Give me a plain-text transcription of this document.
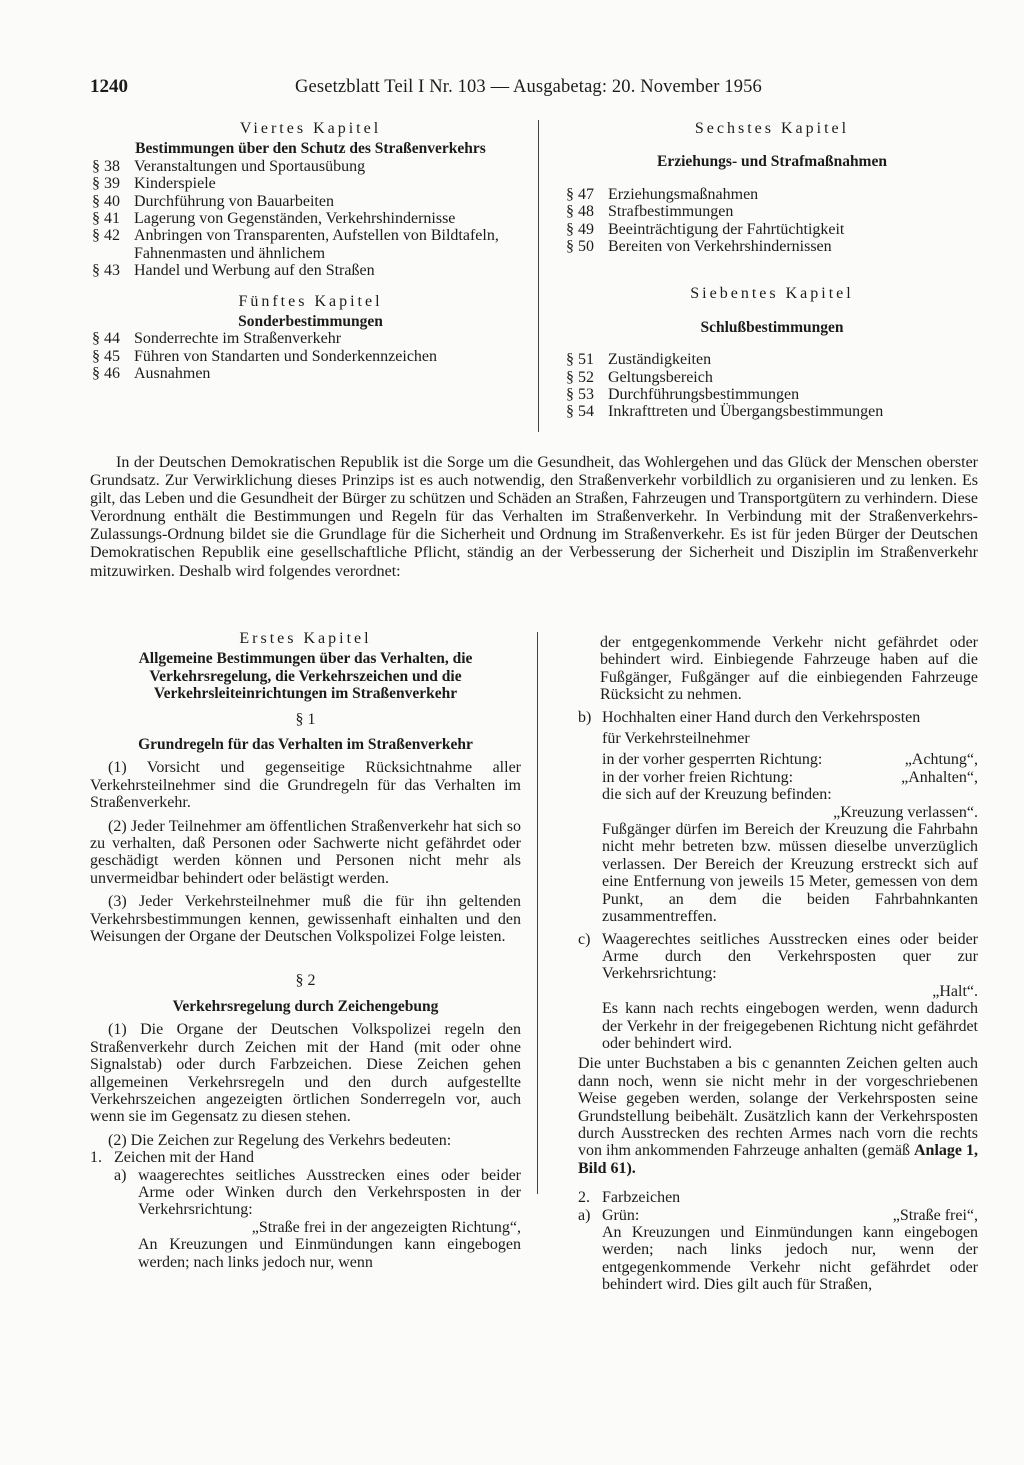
1240	Gesetzblatt Teil I Nr. 103 — Ausgabetag: 20. November 1956
Viertes Kapitel
Bestimmungen über den Schutz des Straßenverkehrs
§ 38 Veranstaltungen und Sportausübung
§ 39 Kinderspiele
§ 40 Durchführung von Bauarbeiten
§ 41 Lagerung von Gegenständen, Verkehrshindernisse
§ 42 Anbringen von Transparenten, Aufstellen von Bildtafeln, Fahnenmasten und ähnlichem
§ 43 Handel und Werbung auf den Straßen
Fünftes Kapitel
Sonderbestimmungen
§ 44 Sonderrechte im Straßenverkehr
§ 45 Führen von Standarten und Sonderkennzeichen
§ 46 Ausnahmen
Sechstes Kapitel
Erziehungs- und Strafmaßnahmen
§ 47 Erziehungsmaßnahmen
§ 48 Strafbestimmungen
§ 49 Beeinträchtigung der Fahrtüchtigkeit
§ 50 Bereiten von Verkehrshindernissen
Siebentes Kapitel
Schlußbestimmungen
§ 51 Zuständigkeiten
§ 52 Geltungsbereich
§ 53 Durchführungsbestimmungen
§ 54 Inkrafttreten und Übergangsbestimmungen
In der Deutschen Demokratischen Republik ist die Sorge um die Gesundheit, das Wohlergehen und das Glück der Menschen oberster Grundsatz. Zur Verwirklichung dieses Prinzips ist es auch notwendig, den Straßenverkehr vorbildlich zu organisieren und zu lenken. Es gilt, das Leben und die Gesundheit der Bürger zu schützen und Schäden an Straßen, Fahrzeugen und Transportgütern zu verhindern. Diese Verordnung enthält die Bestimmungen und Regeln für das Verhalten im Straßenverkehr. In Verbindung mit der Straßenverkehrs-Zulassungs-Ordnung bildet sie die Grundlage für die Sicherheit und Ordnung im Straßenverkehr. Es ist für jeden Bürger der Deutschen Demokratischen Republik eine gesellschaftliche Pflicht, ständig an der Verbesserung der Sicherheit und Disziplin im Straßenverkehr mitzuwirken. Deshalb wird folgendes verordnet:
Erstes Kapitel
Allgemeine Bestimmungen über das Verhalten, die Verkehrsregelung, die Verkehrszeichen und die Verkehrsleiteinrichtungen im Straßenverkehr
§ 1
Grundregeln für das Verhalten im Straßenverkehr
(1) Vorsicht und gegenseitige Rücksichtnahme aller Verkehrsteilnehmer sind die Grundregeln für das Verhalten im Straßenverkehr.
(2) Jeder Teilnehmer am öffentlichen Straßenverkehr hat sich so zu verhalten, daß Personen oder Sachwerte nicht gefährdet oder geschädigt werden können und Personen nicht mehr als unvermeidbar behindert oder belästigt werden.
(3) Jeder Verkehrsteilnehmer muß die für ihn geltenden Verkehrsbestimmungen kennen, gewissenhaft einhalten und den Weisungen der Organe der Deutschen Volkspolizei Folge leisten.
§ 2
Verkehrsregelung durch Zeichengebung
(1) Die Organe der Deutschen Volkspolizei regeln den Straßenverkehr durch Zeichen mit der Hand (mit oder ohne Signalstab) oder durch Farbzeichen. Diese Zeichen gehen allgemeinen Verkehrsregeln und den durch aufgestellte Verkehrszeichen angezeigten örtlichen Sonderregeln vor, auch wenn sie im Gegensatz zu diesen stehen.
(2) Die Zeichen zur Regelung des Verkehrs bedeuten:
1. Zeichen mit der Hand
a) waagerechtes seitliches Ausstrecken eines oder beider Arme oder Winken durch den Verkehrsposten in der Verkehrsrichtung:
„Straße frei in der angezeigten Richtung“,
An Kreuzungen und Einmündungen kann eingebogen werden; nach links jedoch nur, wenn
der entgegenkommende Verkehr nicht gefährdet oder behindert wird. Einbiegende Fahrzeuge haben auf die Fußgänger, Fußgänger auf die einbiegenden Fahrzeuge Rücksicht zu nehmen.
b) Hochhalten einer Hand durch den Verkehrsposten
für Verkehrsteilnehmer
in der vorher gesperrten Richtung:	„Achtung“,
in der vorher freien Richtung:	„Anhalten“,
die sich auf der Kreuzung befinden:
„Kreuzung verlassen“.
Fußgänger dürfen im Bereich der Kreuzung die Fahrbahn nicht mehr betreten bzw. müssen dieselbe unverzüglich verlassen. Der Bereich der Kreuzung erstreckt sich auf eine Entfernung von jeweils 15 Meter, gemessen von dem Punkt, an dem die beiden Fahrbahnkanten zusammentreffen.
c) Waagerechtes seitliches Ausstrecken eines oder beider Arme durch den Verkehrsposten quer zur Verkehrsrichtung:
„Halt“.
Es kann nach rechts eingebogen werden, wenn dadurch der Verkehr in der freigegebenen Richtung nicht gefährdet oder behindert wird.
Die unter Buchstaben a bis c genannten Zeichen gelten auch dann noch, wenn sie nicht mehr in der vorgeschriebenen Weise gegeben werden, solange der Verkehrsposten seine Grundstellung beibehält. Zusätzlich kann der Verkehrsposten durch Ausstrecken des rechten Armes nach vorn die rechts von ihm ankommenden Fahrzeuge anhalten (gemäß Anlage 1, Bild 61).
2. Farbzeichen
a) Grün:	„Straße frei“,
An Kreuzungen und Einmündungen kann eingebogen werden; nach links jedoch nur, wenn der entgegenkommende Verkehr nicht gefährdet oder behindert wird. Dies gilt auch für Straßen,
